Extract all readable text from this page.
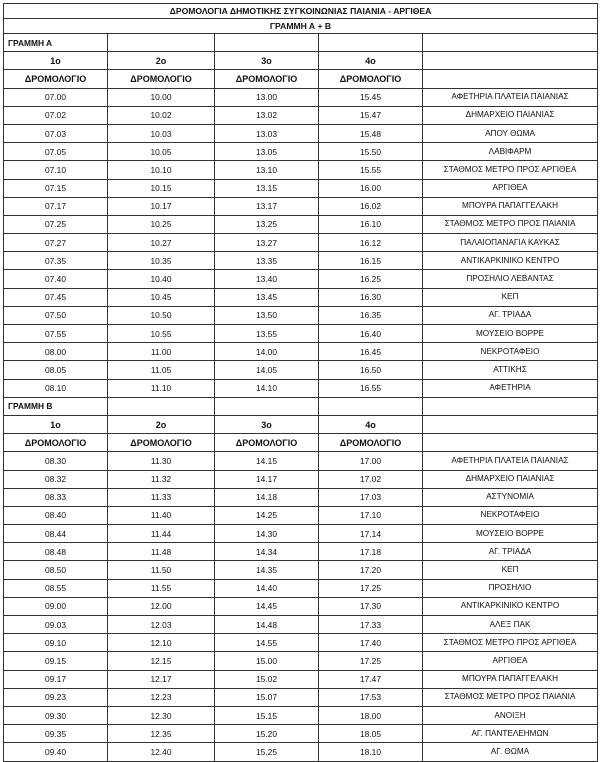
ΔΡΟΜΟΛΟΓΙΑ ΔΗΜΟΤΙΚΗΣ ΣΥΓΚΟΙΝΩΝΙΑΣ ΠΑΙΑΝΙΑ - ΑΡΓΙΘΕΑ				
ΓΡΑΜΜΗ Α + Β				
ΓΡΑΜΜΗ Α				
1ο	2ο	3ο	4ο	
ΔΡΟΜΟΛΟΓΙΟ	ΔΡΟΜΟΛΟΓΙΟ	ΔΡΟΜΟΛΟΓΙΟ	ΔΡΟΜΟΛΟΓΙΟ	
07.00	10.00	13.00	15.45	ΑΦΕΤΗΡΙΑ ΠΛΑΤΕΙΑ ΠΑΙΑΝΙΑΣ
07.02	10.02	13.02	15.47	ΔΗΜΑΡΧΕΙΟ ΠΑΙΑΝΙΑΣ
07.03	10.03	13.03	15.48	ΑΠΟΥ ΘΩΜΑ
07.05	10.05	13.05	15.50	ΛΑΒΙΦΑΡΜ
07.10	10.10	13.10	15.55	ΣΤΑΘΜΟΣ ΜΕΤΡΟ ΠΡΟΣ ΑΡΓΙΘΕΑ
07.15	10.15	13.15	16.00	ΑΡΓΙΘΕΑ
07.17	10.17	13.17	16.02	ΜΠΟΥΡΑ ΠΑΠΑΓΓΕΛΑΚΗ
07.25	10.25	13.25	16.10	ΣΤΑΘΜΟΣ ΜΕΤΡΟ ΠΡΟΣ ΠΑΙΑΝΙΑ
07.27	10.27	13.27	16.12	ΠΑΛΑΙΟΠΑΝΑΓΙΑ ΚΑΥΚΑΣ
07.35	10.35	13.35	16.15	ΑΝΤΙΚΑΡΚΙΝΙΚΟ ΚΕΝΤΡΟ
07.40	10.40	13.40	16.25	ΠΡΟΣΗΛΙΟ ΛΕΒΑΝΤΑΣ
07.45	10.45	13.45	16.30	ΚΕΠ
07.50	10.50	13.50	16.35	ΑΓ. ΤΡΙΑΔΑ
07.55	10.55	13.55	16.40	ΜΟΥΣΕΙΟ ΒΟΡΡΕ
08.00	11.00	14.00	16.45	ΝΕΚΡΟΤΑΦΕΙΟ
08.05	11.05	14.05	16.50	ΑΤΤΙΚΗΣ
08.10	11.10	14.10	16.55	ΑΦΕΤΗΡΙΑ
ΓΡΑΜΜΗ Β				
1ο	2ο	3ο	4ο	
ΔΡΟΜΟΛΟΓΙΟ	ΔΡΟΜΟΛΟΓΙΟ	ΔΡΟΜΟΛΟΓΙΟ	ΔΡΟΜΟΛΟΓΙΟ	
08.30	11.30	14.15	17.00	ΑΦΕΤΗΡΙΑ ΠΛΑΤΕΙΑ ΠΑΙΑΝΙΑΣ
08.32	11.32	14.17	17.02	ΔΗΜΑΡΧΕΙΟ ΠΑΙΑΝΙΑΣ
08.33	11.33	14.18	17.03	ΑΣΤΥΝΟΜΙΑ
08.40	11.40	14.25	17.10	ΝΕΚΡΟΤΑΦΕΙΟ
08.44	11.44	14.30	17.14	ΜΟΥΣΕΙΟ ΒΟΡΡΕ
08.48	11.48	14.34	17.18	ΑΓ. ΤΡΙΑΔΑ
08.50	11.50	14.35	17.20	ΚΕΠ
08.55	11.55	14.40	17.25	ΠΡΟΣΗΛΙΟ
09.00	12.00	14.45	17.30	ΑΝΤΙΚΑΡΚΙΝΙΚΟ ΚΕΝΤΡΟ
09.03	12.03	14.48	17.33	ΑΛΕΞ ΠΑΚ
09.10	12.10	14.55	17.40	ΣΤΑΘΜΟΣ ΜΕΤΡΟ ΠΡΟΣ ΑΡΓΙΘΕΑ
09.15	12.15	15.00	17.25	ΑΡΓΙΘΕΑ
09.17	12.17	15.02	17.47	ΜΠΟΥΡΑ ΠΑΠΑΓΓΕΛΑΚΗ
09.23	12.23	15.07	17.53	ΣΤΑΘΜΟΣ ΜΕΤΡΟ ΠΡΟΣ ΠΑΙΑΝΙΑ
09.30	12.30	15.15	18.00	ΑΝΟΙΞΗ
09.35	12.35	15.20	18.05	ΑΓ. ΠΑΝΤΕΛΕΗΜΩΝ
09.40	12.40	15.25	18.10	ΑΓ. ΘΩΜΑ
